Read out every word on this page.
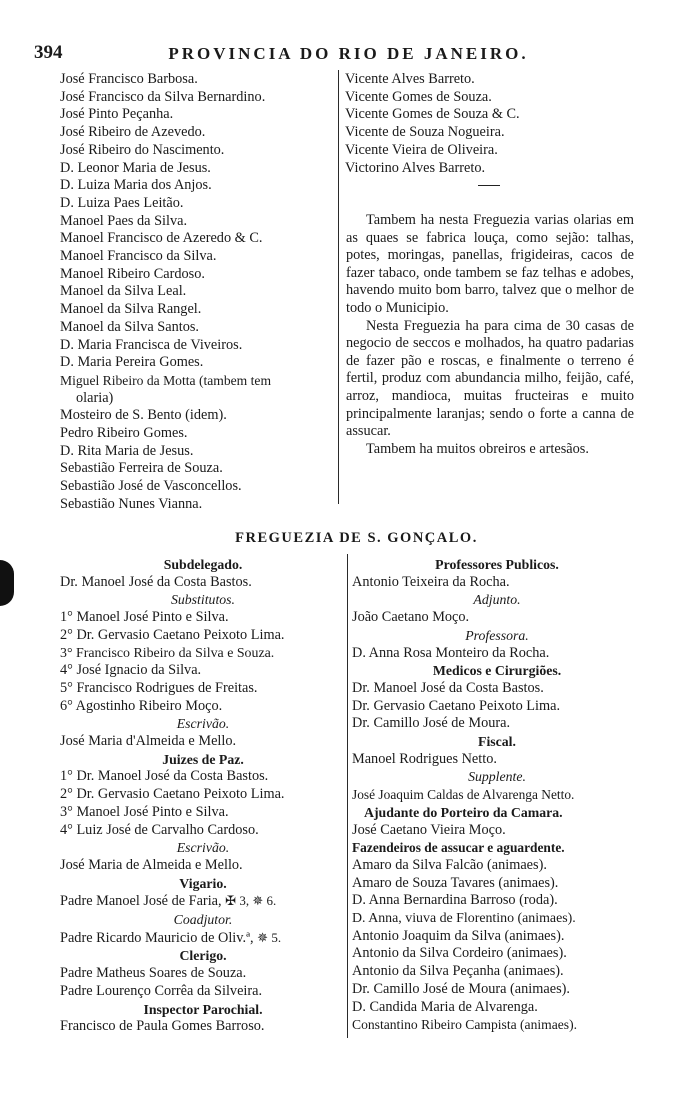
394	PROVINCIA DO RIO DE JANEIRO.
José Francisco Barbosa.
José Francisco da Silva Bernardino.
José Pinto Peçanha.
José Ribeiro de Azevedo.
José Ribeiro do Nascimento.
D. Leonor Maria de Jesus.
D. Luiza Maria dos Anjos.
D. Luiza Paes Leitão.
Manoel Paes da Silva.
Manoel Francisco de Azeredo & C.
Manoel Francisco da Silva.
Manoel Ribeiro Cardoso.
Manoel da Silva Leal.
Manoel da Silva Rangel.
Manoel da Silva Santos.
D. Maria Francisca de Viveiros.
D. Maria Pereira Gomes.
Miguel Ribeiro da Motta (tambem tem
olaria)
Mosteiro de S. Bento (idem).
Pedro Ribeiro Gomes.
D. Rita Maria de Jesus.
Sebastião Ferreira de Souza.
Sebastião José de Vasconcellos.
Sebastião Nunes Vianna.
Vicente Alves Barreto.
Vicente Gomes de Souza.
Vicente Gomes de Souza & C.
Vicente de Souza Nogueira.
Vicente Vieira de Oliveira.
Victorino Alves Barreto.

Tambem ha nesta Freguezia varias olarias em as quaes se fabrica louça, como sejão: talhas, potes, moringas, panellas, frigideiras, cacos de fazer tabaco, onde tambem se faz telhas e adobes, havendo muito bom barro, talvez que o melhor de todo o Municipio.

Nesta Freguezia ha para cima de 30 casas de negocio de seccos e molhados, ha quatro padarias de fazer pão e roscas, e finalmente o terreno é fertil, produz com abundancia milho, feijão, café, arroz, mandioca, muitas fructeiras e muito principalmente laranjas; sendo o forte a canna de assucar.

Tambem ha muitos obreiros e artesãos.

FREGUEZIA DE S. GONÇALO.
Subdelegado.
Dr. Manoel José da Costa Bastos.
Substitutos.
1° Manoel José Pinto e Silva.
2° Dr. Gervasio Caetano Peixoto Lima.
3° Francisco Ribeiro da Silva e Souza.
4° José Ignacio da Silva.
5° Francisco Rodrigues de Freitas.
6° Agostinho Ribeiro Moço.
Escrivão.
José Maria d'Almeida e Mello.
Juizes de Paz.
1° Dr. Manoel José da Costa Bastos.
2° Dr. Gervasio Caetano Peixoto Lima.
3° Manoel José Pinto e Silva.
4° Luiz José de Carvalho Cardoso.
Escrivão.
José Maria de Almeida e Mello.
Vigario.
Padre Manoel José de Faria, ✠ 3, ✵ 6.
Coadjutor.
Padre Ricardo Mauricio de Oliv.ª, ✵ 5.
Clerigo.
Padre Matheus Soares de Souza.
Padre Lourenço Corrêa da Silveira.
Inspector Parochial.
Francisco de Paula Gomes Barroso.
Professores Publicos.
Antonio Teixeira da Rocha.
Adjunto.
João Caetano Moço.
Professora.
D. Anna Rosa Monteiro da Rocha.
Medicos e Cirurgiões.
Dr. Manoel José da Costa Bastos.
Dr. Gervasio Caetano Peixoto Lima.
Dr. Camillo José de Moura.
Fiscal.
Manoel Rodrigues Netto.
Supplente.
José Joaquim Caldas de Alvarenga Netto.
Ajudante do Porteiro da Camara.
José Caetano Vieira Moço.
Fazendeiros de assucar e aguardente.
Amaro da Silva Falcão (animaes).
Amaro de Souza Tavares (animaes).
D. Anna Bernardina Barroso (roda).
D. Anna, viuva de Florentino (animaes).
Antonio Joaquim da Silva (animaes).
Antonio da Silva Cordeiro (animaes).
Antonio da Silva Peçanha (animaes).
Dr. Camillo José de Moura (animaes).
D. Candida Maria de Alvarenga.
Constantino Ribeiro Campista (animaes).
